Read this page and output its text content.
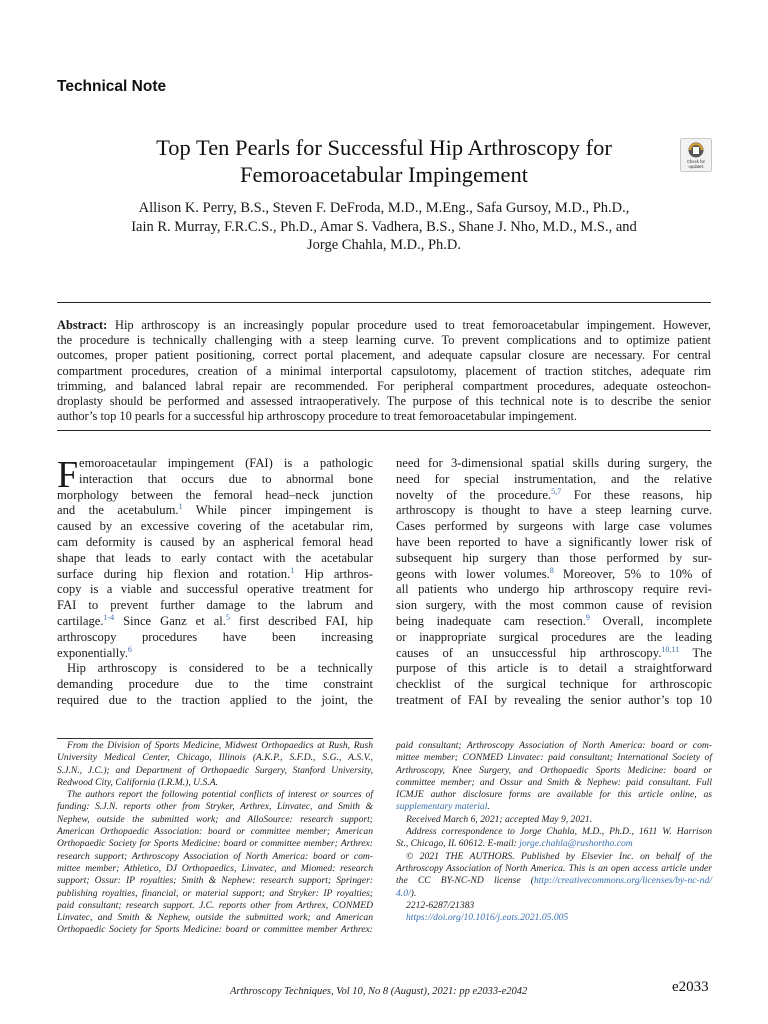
Technical Note
Top Ten Pearls for Successful Hip Arthroscopy for
Femoroacetabular Impingement
Check for
updates
Allison K. Perry, B.S., Steven F. DeFroda, M.D., M.Eng., Safa Gursoy, M.D., Ph.D.,
Iain R. Murray, F.R.C.S., Ph.D., Amar S. Vadhera, B.S., Shane J. Nho, M.D., M.S., and
Jorge Chahla, M.D., Ph.D.
Abstract: Hip arthroscopy is an increasingly popular procedure used to treat femoroacetabular impingement. However,
the procedure is technically challenging with a steep learning curve. To prevent complications and to optimize patient
outcomes, proper patient positioning, correct portal placement, and adequate capsular closure are necessary. For central
compartment procedures, creation of a minimal interportal capsulotomy, placement of traction stitches, adequate rim
trimming, and balanced labral repair are recommended. For peripheral compartment procedures, adequate osteochon-
droplasty should be performed and assessed intraoperatively. The purpose of this technical note is to describe the senior
author’s top 10 pearls for a successful hip arthroscopy procedure to treat femoroacetabular impingement.
F emoroacetaular impingement (FAI) is a pathologic
interaction that occurs due to abnormal bone
morphology between the femoral head–neck junction
and the acetabulum.$^1$ While pincer impingement is
caused by an excessive covering of the acetabular rim,
cam deformity is caused by an aspherical femoral head
shape that leads to early contact with the acetabular
surface during hip flexion and rotation.$^1$ Hip arthros-
copy is a viable and successful operative treatment for
FAI to prevent further damage to the labrum and
cartilage.$^{1-4}$ Since Ganz et al.$^5$ first described FAI, hip
arthroscopy procedures have been increasing
exponentially.$^6$
Hip arthroscopy is considered to be a technically
demanding procedure due to the time constraint
required due to the traction applied to the joint, the
need for 3-dimensional spatial skills during surgery, the
need for special instrumentation, and the relative
novelty of the procedure.$^{5,7}$ For these reasons, hip
arthroscopy is thought to have a steep learning curve.
Cases performed by surgeons with large case volumes
have been reported to have a significantly lower risk of
subsequent hip surgery than those performed by sur-
geons with lower volumes.$^8$ Moreover, 5% to 10% of
all patients who undergo hip arthroscopy require revi-
sion surgery, with the most common cause of revision
being inadequate cam resection.$^9$ Overall, incomplete
or inappropriate surgical procedures are the leading
causes of an unsuccessful hip arthroscopy.$^{10,11}$ The
purpose of this article is to detail a straightforward
checklist of the surgical technique for arthroscopic
treatment of FAI by revealing the senior author’s top 10
From the Division of Sports Medicine, Midwest Orthopaedics at Rush, Rush
University Medical Center, Chicago, Illinois (A.K.P., S.F.D., S.G., A.S.V.,
S.J.N., J.C.); and Department of Orthopaedic Surgery, Stanford University,
Redwood City, California (I.R.M.), U.S.A.
The authors report the following potential conflicts of interest or sources of
funding: S.J.N. reports other from Stryker, Arthrex, Linvatec, and Smith &
Nephew, outside the submitted work; and AlloSource: research support;
American Orthopaedic Association: board or committee member; American
Orthopaedic Society for Sports Medicine: board or committee member; Arthrex:
research support; Arthroscopy Association of North America: board or com-
mittee member; Athletico, DJ Orthopaedics, Linvatec, and Miomed: research
support; Ossur: IP royalties; Smith & Nephew: research support; Springer:
publishing royalties, financial, or material support; and Stryker: IP royalties;
paid consultant; research support. J.C. reports other from Arthrex, CONMED
Linvatec, and Smith & Nephew, outside the submitted work; and American
Orthopaedic Society for Sports Medicine: board or committee member Arthrex:
paid consultant; Arthroscopy Association of North America: board or com-
mittee member; CONMED Linvatec: paid consultant; International Society of
Arthroscopy, Knee Surgery, and Orthopaedic Sports Medicine: board or
committee member; and Ossur and Smith & Nephew: paid consultant. Full
ICMJE author disclosure forms are available for this article online, as
supplementary material.
Received March 6, 2021; accepted May 9, 2021.
Address correspondence to Jorge Chahla, M.D., Ph.D., 1611 W. Harrison
St., Chicago, IL 60612. E-mail: jorge.chahla@rushortho.com
© 2021 THE AUTHORS. Published by Elsevier Inc. on behalf of the
Arthroscopy Association of North America. This is an open access article under
the CC BY-NC-ND license (http://creativecommons.org/licenses/by-nc-nd/
4.0/).
2212-6287/21383
https://doi.org/10.1016/j.eats.2021.05.005
Arthroscopy Techniques, Vol 10, No 8 (August), 2021: pp e2033-e2042	e2033
